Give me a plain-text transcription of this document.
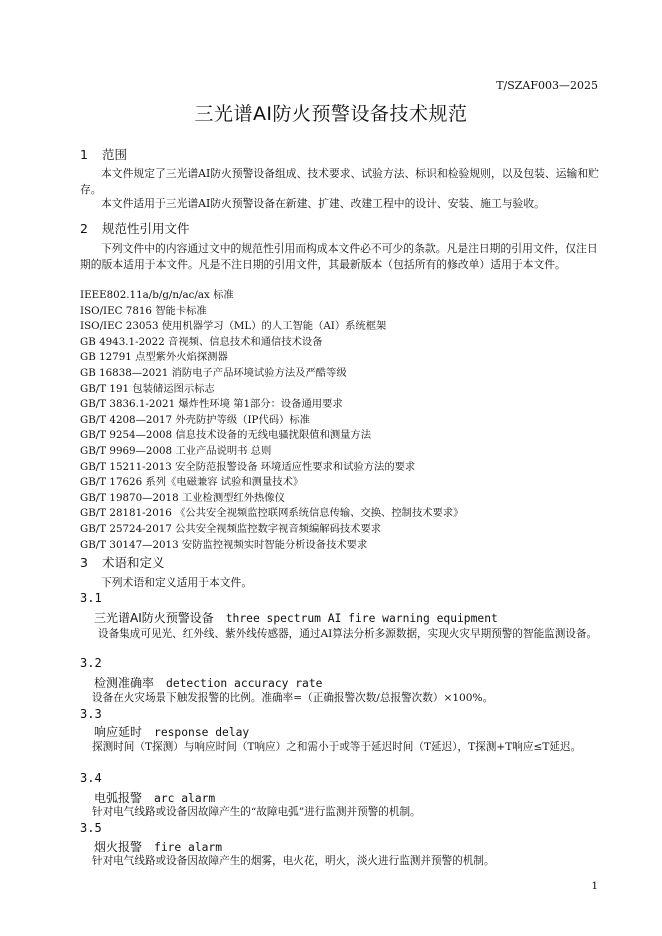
T/SZAF003—2025
三光谱AI防火预警设备技术规范
1 范围
本文件规定了三光谱AI防火预警设备组成、技术要求、试验方法、标识和检验规则，以及包装、运输和贮存。
本文件适用于三光谱AI防火预警设备在新建、扩建、改建工程中的设计、安装、施工与验收。
2 规范性引用文件
下列文件中的内容通过文中的规范性引用而构成本文件必不可少的条款。凡是注日期的引用文件，仅注日期的版本适用于本文件。凡是不注日期的引用文件，其最新版本（包括所有的修改单）适用于本文件。
IEEE802.11a/b/g/n/ac/ax 标准
ISO/IEC 7816 智能卡标准
ISO/IEC 23053 使用机器学习（ML）的人工智能（AI）系统框架
GB 4943.1-2022 音视频、信息技术和通信技术设备
GB 12791 点型紫外火焰探测器
GB 16838—2021 消防电子产品环境试验方法及严酷等级
GB/T 191 包装储运图示标志
GB/T 3836.1-2021 爆炸性环境 第1部分：设备通用要求
GB/T 4208—2017 外壳防护等级（IP代码）标准
GB/T 9254—2008 信息技术设备的无线电骚扰限值和测量方法
GB/T 9969—2008 工业产品说明书 总则
GB/T 15211-2013 安全防范报警设备 环境适应性要求和试验方法的要求
GB/T 17626 系列《电磁兼容 试验和测量技术》
GB/T 19870—2018 工业检测型红外热像仪
GB/T 28181-2016 《公共安全视频监控联网系统信息传输、交换、控制技术要求》
GB/T 25724-2017 公共安全视频监控数字视音频编解码技术要求
GB/T 30147—2013 安防监控视频实时智能分析设备技术要求
3 术语和定义
下列术语和定义适用于本文件。
3.1
三光谱AI防火预警设备 three spectrum AI fire warning equipment
设备集成可见光、红外线、紫外线传感器，通过AI算法分析多源数据，实现火灾早期预警的智能监测设备。
3.2
检测准确率 detection accuracy rate
设备在火灾场景下触发报警的比例。准确率=（正确报警次数/总报警次数）×100%。
3.3
响应延时 response delay
探测时间（T探测）与响应时间（T响应）之和需小于或等于延迟时间（T延迟），T探测+T响应≤T延迟。
3.4
电弧报警 arc alarm
针对电气线路或设备因故障产生的“故障电弧”进行监测并预警的机制。
3.5
烟火报警 fire alarm
针对电气线路或设备因故障产生的烟雾，电火花，明火，淡火进行监测并预警的机制。
1
